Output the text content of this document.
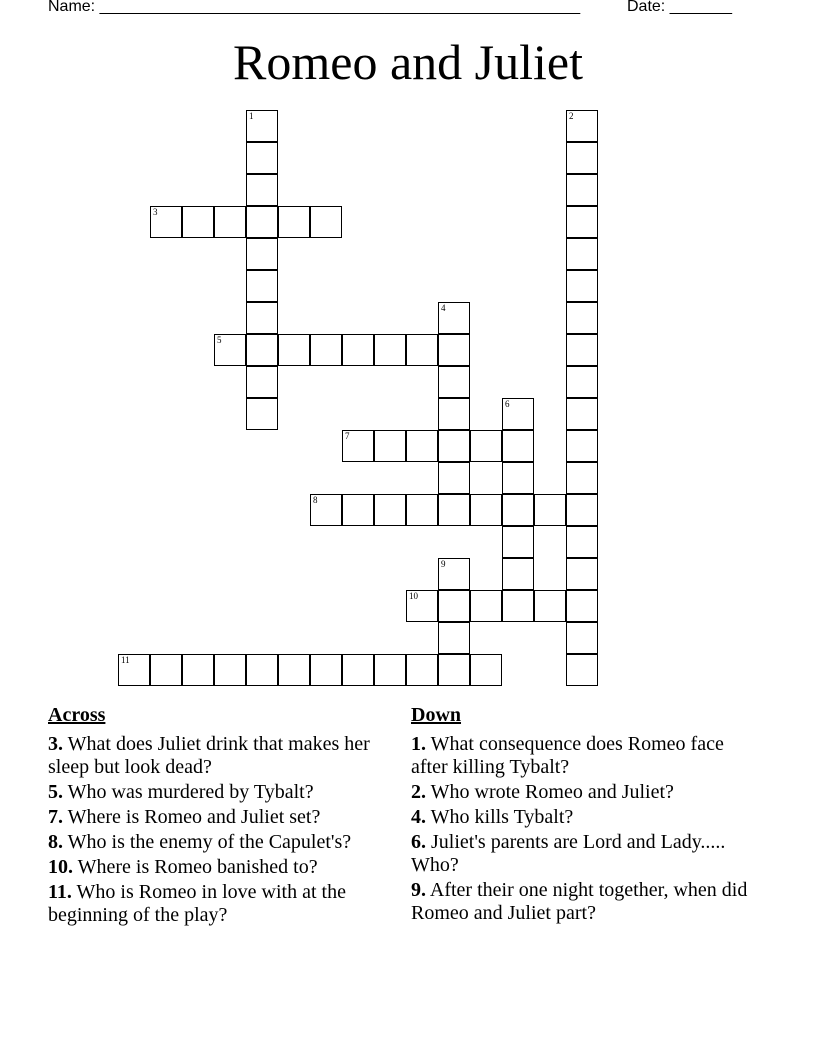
Name: ______________________________________________________	Date: _______
Romeo and Juliet
1	2
3
4
5
6
7
8
9
10
11
Across
3. What does Juliet drink that makes her sleep but look dead?
5. Who was murdered by Tybalt?
7. Where is Romeo and Juliet set?
8. Who is the enemy of the Capulet's?
10. Where is Romeo banished to?
11. Who is Romeo in love with at the beginning of the play?
Down
1. What consequence does Romeo face after killing Tybalt?
2. Who wrote Romeo and Juliet?
4. Who kills Tybalt?
6. Juliet's parents are Lord and Lady..... Who?
9. After their one night together, when did Romeo and Juliet part?
